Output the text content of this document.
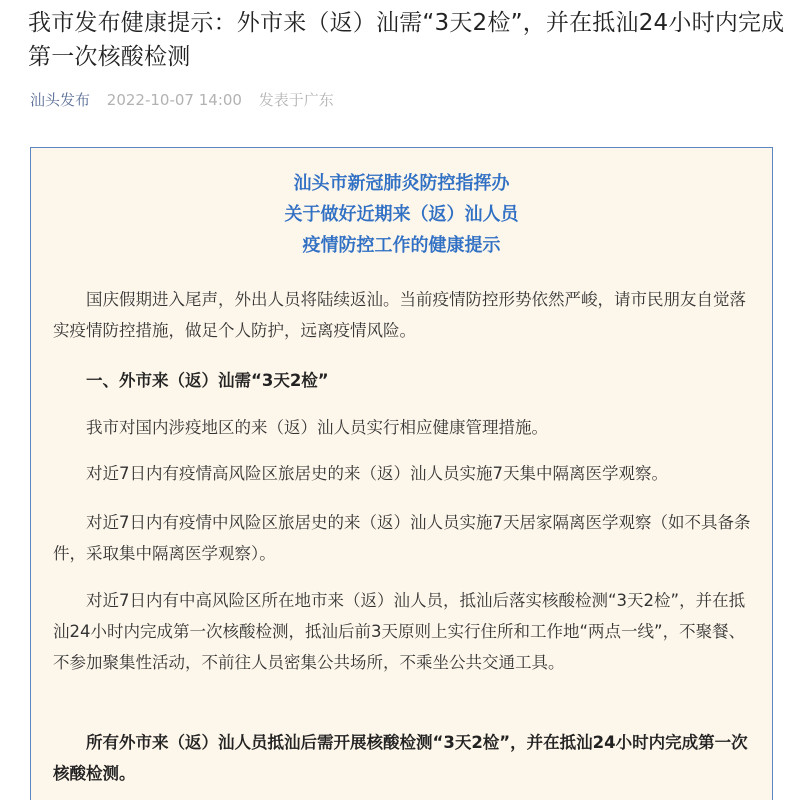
我市发布健康提示：外市来（返）汕需“3天2检”，并在抵汕24小时内完成第一次核酸检测
汕头发布 2022-10-07 14:00 发表于广东
汕头市新冠肺炎防控指挥办
关于做好近期来（返）汕人员
疫情防控工作的健康提示
国庆假期进入尾声，外出人员将陆续返汕。当前疫情防控形势依然严峻，请市民朋友自觉落实疫情防控措施，做足个人防护，远离疫情风险。
一、外市来（返）汕需“3天2检”
我市对国内涉疫地区的来（返）汕人员实行相应健康管理措施。
对近7日内有疫情高风险区旅居史的来（返）汕人员实施7天集中隔离医学观察。
对近7日内有疫情中风险区旅居史的来（返）汕人员实施7天居家隔离医学观察（如不具备条件，采取集中隔离医学观察）。
对近7日内有中高风险区所在地市来（返）汕人员，抵汕后落实核酸检测“3天2检”，并在抵汕24小时内完成第一次核酸检测，抵汕后前3天原则上实行住所和工作地“两点一线”，不聚餐、不参加聚集性活动，不前往人员密集公共场所，不乘坐公共交通工具。
所有外市来（返）汕人员抵汕后需开展核酸检测“3天2检”，并在抵汕24小时内完成第一次核酸检测。
